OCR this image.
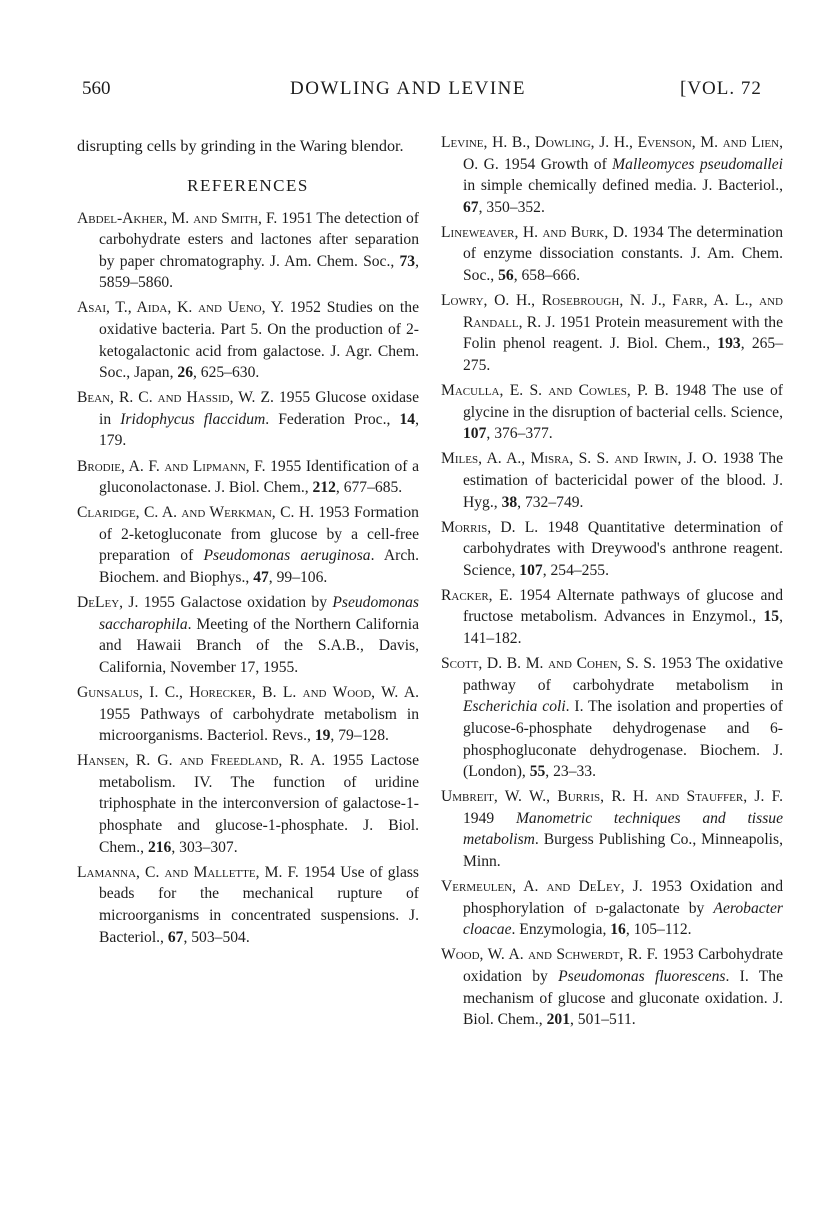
560	DOWLING AND LEVINE	[VOL. 72

disrupting cells by grinding in the Waring blendor.

REFERENCES

Abdel-Akher, M. and Smith, F. 1951 The detection of carbohydrate esters and lactones after separation by paper chromatography. J. Am. Chem. Soc., 73, 5859–5860.

Asai, T., Aida, K. and Ueno, Y. 1952 Studies on the oxidative bacteria. Part 5. On the production of 2-ketogalactonic acid from galactose. J. Agr. Chem. Soc., Japan, 26, 625–630.

Bean, R. C. and Hassid, W. Z. 1955 Glucose oxidase in Iridophycus flaccidum. Federation Proc., 14, 179.

Brodie, A. F. and Lipmann, F. 1955 Identification of a gluconolactonase. J. Biol. Chem., 212, 677–685.

Claridge, C. A. and Werkman, C. H. 1953 Formation of 2-ketogluconate from glucose by a cell-free preparation of Pseudomonas aeruginosa. Arch. Biochem. and Biophys., 47, 99–106.

DeLey, J. 1955 Galactose oxidation by Pseudomonas saccharophila. Meeting of the Northern California and Hawaii Branch of the S.A.B., Davis, California, November 17, 1955.

Gunsalus, I. C., Horecker, B. L. and Wood, W. A. 1955 Pathways of carbohydrate metabolism in microorganisms. Bacteriol. Revs., 19, 79–128.

Hansen, R. G. and Freedland, R. A. 1955 Lactose metabolism. IV. The function of uridine triphosphate in the interconversion of galactose-1-phosphate and glucose-1-phosphate. J. Biol. Chem., 216, 303–307.

Lamanna, C. and Mallette, M. F. 1954 Use of glass beads for the mechanical rupture of microorganisms in concentrated suspensions. J. Bacteriol., 67, 503–504.

Levine, H. B., Dowling, J. H., Evenson, M. and Lien, O. G. 1954 Growth of Malleomyces pseudomallei in simple chemically defined media. J. Bacteriol., 67, 350–352.

Lineweaver, H. and Burk, D. 1934 The determination of enzyme dissociation constants. J. Am. Chem. Soc., 56, 658–666.

Lowry, O. H., Rosebrough, N. J., Farr, A. L., and Randall, R. J. 1951 Protein measurement with the Folin phenol reagent. J. Biol. Chem., 193, 265–275.

Maculla, E. S. and Cowles, P. B. 1948 The use of glycine in the disruption of bacterial cells. Science, 107, 376–377.

Miles, A. A., Misra, S. S. and Irwin, J. O. 1938 The estimation of bactericidal power of the blood. J. Hyg., 38, 732–749.

Morris, D. L. 1948 Quantitative determination of carbohydrates with Dreywood's anthrone reagent. Science, 107, 254–255.

Racker, E. 1954 Alternate pathways of glucose and fructose metabolism. Advances in Enzymol., 15, 141–182.

Scott, D. B. M. and Cohen, S. S. 1953 The oxidative pathway of carbohydrate metabolism in Escherichia coli. I. The isolation and properties of glucose-6-phosphate dehydrogenase and 6-phosphogluconate dehydrogenase. Biochem. J. (London), 55, 23–33.

Umbreit, W. W., Burris, R. H. and Stauffer, J. F. 1949 Manometric techniques and tissue metabolism. Burgess Publishing Co., Minneapolis, Minn.

Vermeulen, A. and DeLey, J. 1953 Oxidation and phosphorylation of d-galactonate by Aerobacter cloacae. Enzymologia, 16, 105–112.

Wood, W. A. and Schwerdt, R. F. 1953 Carbohydrate oxidation by Pseudomonas fluorescens. I. The mechanism of glucose and gluconate oxidation. J. Biol. Chem., 201, 501–511.
